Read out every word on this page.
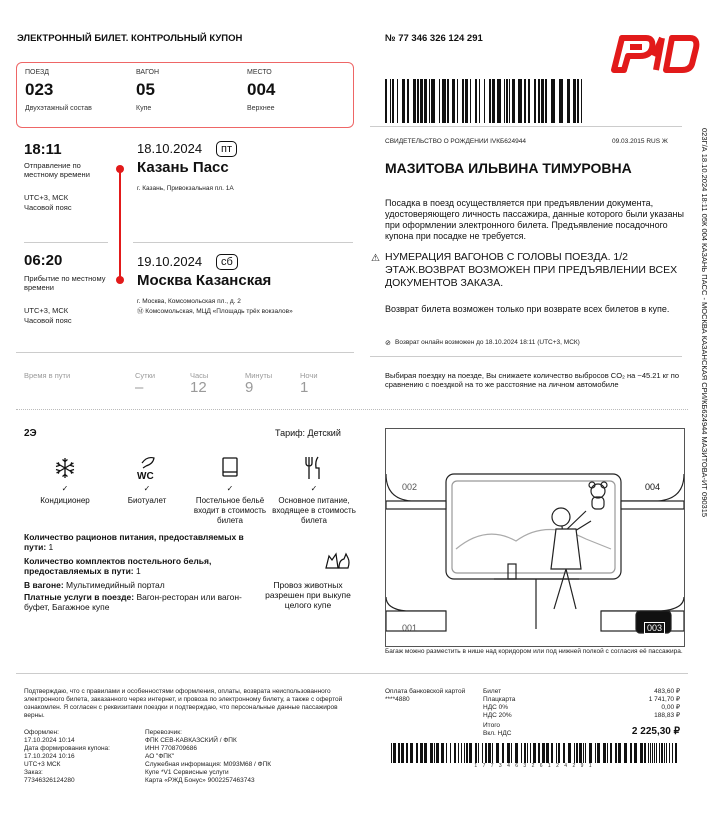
ЭЛЕКТРОННЫЙ БИЛЕТ. КОНТРОЛЬНЫЙ КУПОН	№ 77 346 326 124 291
ПОЕЗД
023
Двухэтажный состав
ВАГОН
05
Купе
МЕСТО
004
Верхнее
18:11
Отправление по местному времени
UTC+3, МСК
Часовой пояс
18.10.2024	пт
Казань Пасс
г. Казань, Привокзальная пл. 1А
06:20
Прибытие по местному времени
UTC+3, МСК
Часовой пояс
19.10.2024	сб
Москва Казанская
г. Москва, Комсомольская пл., д. 2
Ⓜ Комсомольская, МЦД «Площадь трёх вокзалов»
Время в пути	Сутки
–
Часы
12
Минуты
9
Ночи
1
СВИДЕТЕЛЬСТВО О РОЖДЕНИИ IVКБ624944	09.03.2015 RUS Ж
МАЗИТОВА ИЛЬВИНА ТИМУРОВНА
Посадка в поезд осуществляется при предъявлении документа, удостоверяющего личность пассажира, данные которого были указаны при оформлении электронного билета. Предъявление посадочного купона при посадке не требуется.
⚠ НУМЕРАЦИЯ ВАГОНОВ С ГОЛОВЫ ПОЕЗДА. 1/2 ЭТАЖ.ВОЗВРАТ ВОЗМОЖЕН ПРИ ПРЕДЪЯВЛЕНИИ ВСЕХ ДОКУМЕНТОВ ЗАКАЗА.
Возврат билета возможен только при возврате всех билетов в купе.
⊘ Возврат онлайн возможен до 18.10.2024 18:11 (UTC+3, МСК)
Выбирая поездку на поезде, Вы снижаете количество выбросов CO₂ на ~45.21 кг по сравнению с поездкой на то же расстояние на личном автомобиле	023Г/А 18.10.2024 18:11 05К 004 КАЗАНЬ ПАСС - МОСКВА КАЗАНСКАЯ СРИ/КБ624944 МАЗИТОВА-ИТ 090315
2Э	Тариф: Детский
WC
✓	✓	✓	✓
Кондиционер	Биотуалет	Постельное бельё входит в стоимость билета
Основное питание, входящее в стоимость билета
Количество рационов питания, предоставляемых в пути: 1
Количество комплектов постельного белья, предоставляемых в пути: 1
В вагоне: Мультимедийный портал
Платные услуги в поезде: Вагон-ресторан или вагон-буфет, Багажное купе
Провоз животных разрешен при выкупе целого купе
002	004
001	003
Багаж можно разместить в нише над коридором или под нижней полкой с согласия её пассажира.
Подтверждаю, что с правилами и особенностями оформления, оплаты, возврата неиспользованного электронного билета, заказанного через интернет, и провоза по электронному билету, а также с офертой ознакомлен. Я согласен с реквизитами поездки и подтверждаю, что персональные данные пассажиров верны.
Оформлен:
17.10.2024 10:14
Дата формирования купона:
17.10.2024 10:16
UTC+3 МСК
Заказ:
77346326124280
Перевозчик:
ФПК СЕВ-КАВКАЗСКИЙ / ФПК
ИНН 7708709686
АО "ФПК"
Служебная информация: М093М68 / ФПК
Купе *V1 Сервисные услуги
Карта «РЖД Бонус» 9002257463743
Оплата банковской картой
****4880
Билет	483,60 ₽
Плацкарта	1 741,70 ₽
НДС 0%	0,00 ₽
НДС 20%	188,83 ₽
Итого
Вкл. НДС	2 225,30 ₽
1 7 7 3 4 6 3 2 6 1 2 4 2 9 1
